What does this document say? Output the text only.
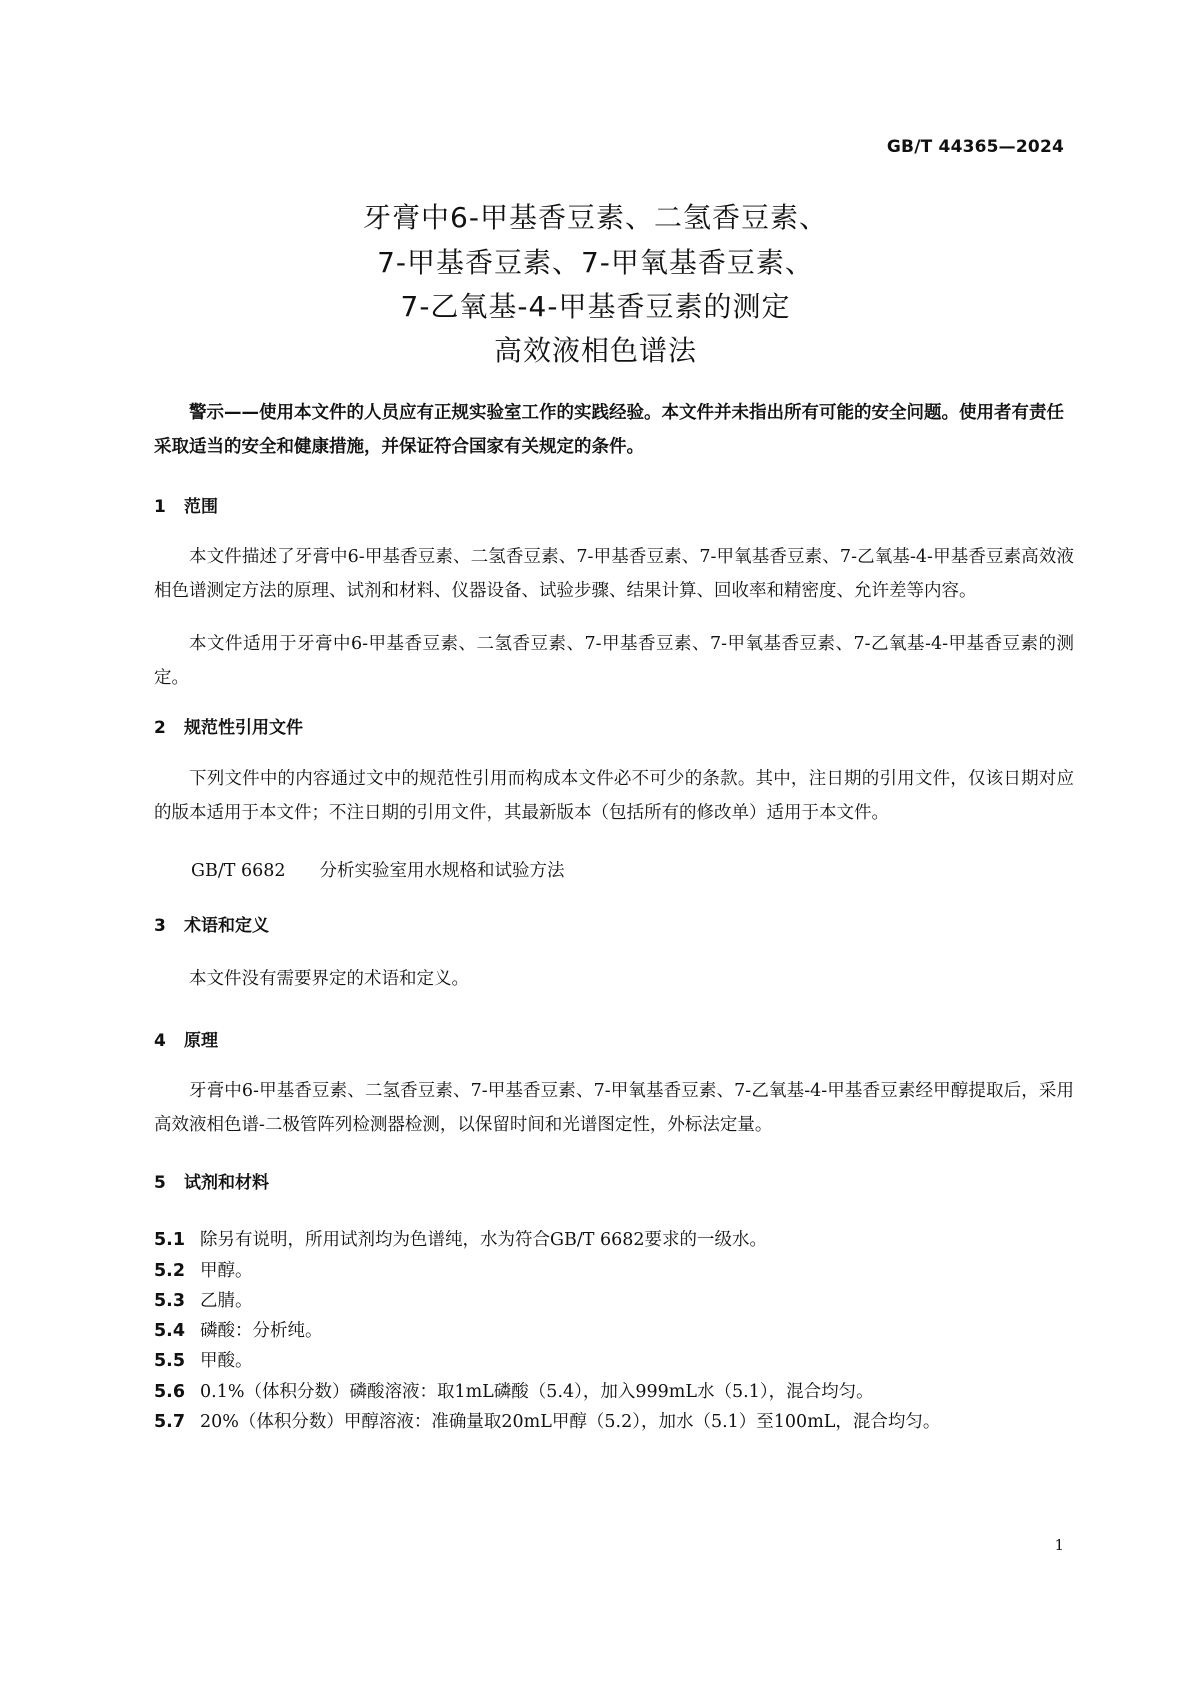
GB/T 44365—2024
牙膏中6-甲基香豆素、二氢香豆素、
7-甲基香豆素、7-甲氧基香豆素、
7-乙氧基-4-甲基香豆素的测定
高效液相色谱法
警示——使用本文件的人员应有正规实验室工作的实践经验。本文件并未指出所有可能的安全问题。使用者有责任采取适当的安全和健康措施，并保证符合国家有关规定的条件。
1 范围
本文件描述了牙膏中6-甲基香豆素、二氢香豆素、7-甲基香豆素、7-甲氧基香豆素、7-乙氧基-4-甲基香豆素高效液相色谱测定方法的原理、试剂和材料、仪器设备、试验步骤、结果计算、回收率和精密度、允许差等内容。
本文件适用于牙膏中6-甲基香豆素、二氢香豆素、7-甲基香豆素、7-甲氧基香豆素、7-乙氧基-4-甲基香豆素的测定。
2 规范性引用文件
下列文件中的内容通过文中的规范性引用而构成本文件必不可少的条款。其中，注日期的引用文件，仅该日期对应的版本适用于本文件；不注日期的引用文件，其最新版本（包括所有的修改单）适用于本文件。
GB/T 6682 分析实验室用水规格和试验方法
3 术语和定义
本文件没有需要界定的术语和定义。
4 原理
牙膏中6-甲基香豆素、二氢香豆素、7-甲基香豆素、7-甲氧基香豆素、7-乙氧基-4-甲基香豆素经甲醇提取后，采用高效液相色谱-二极管阵列检测器检测，以保留时间和光谱图定性，外标法定量。
5 试剂和材料
5.1 除另有说明，所用试剂均为色谱纯，水为符合GB/T 6682要求的一级水。
5.2 甲醇。
5.3 乙腈。
5.4 磷酸：分析纯。
5.5 甲酸。
5.6 0.1%（体积分数）磷酸溶液：取1mL磷酸（5.4），加入999mL水（5.1），混合均匀。
5.7 20%（体积分数）甲醇溶液：准确量取20mL甲醇（5.2），加水（5.1）至100mL，混合均匀。
1
